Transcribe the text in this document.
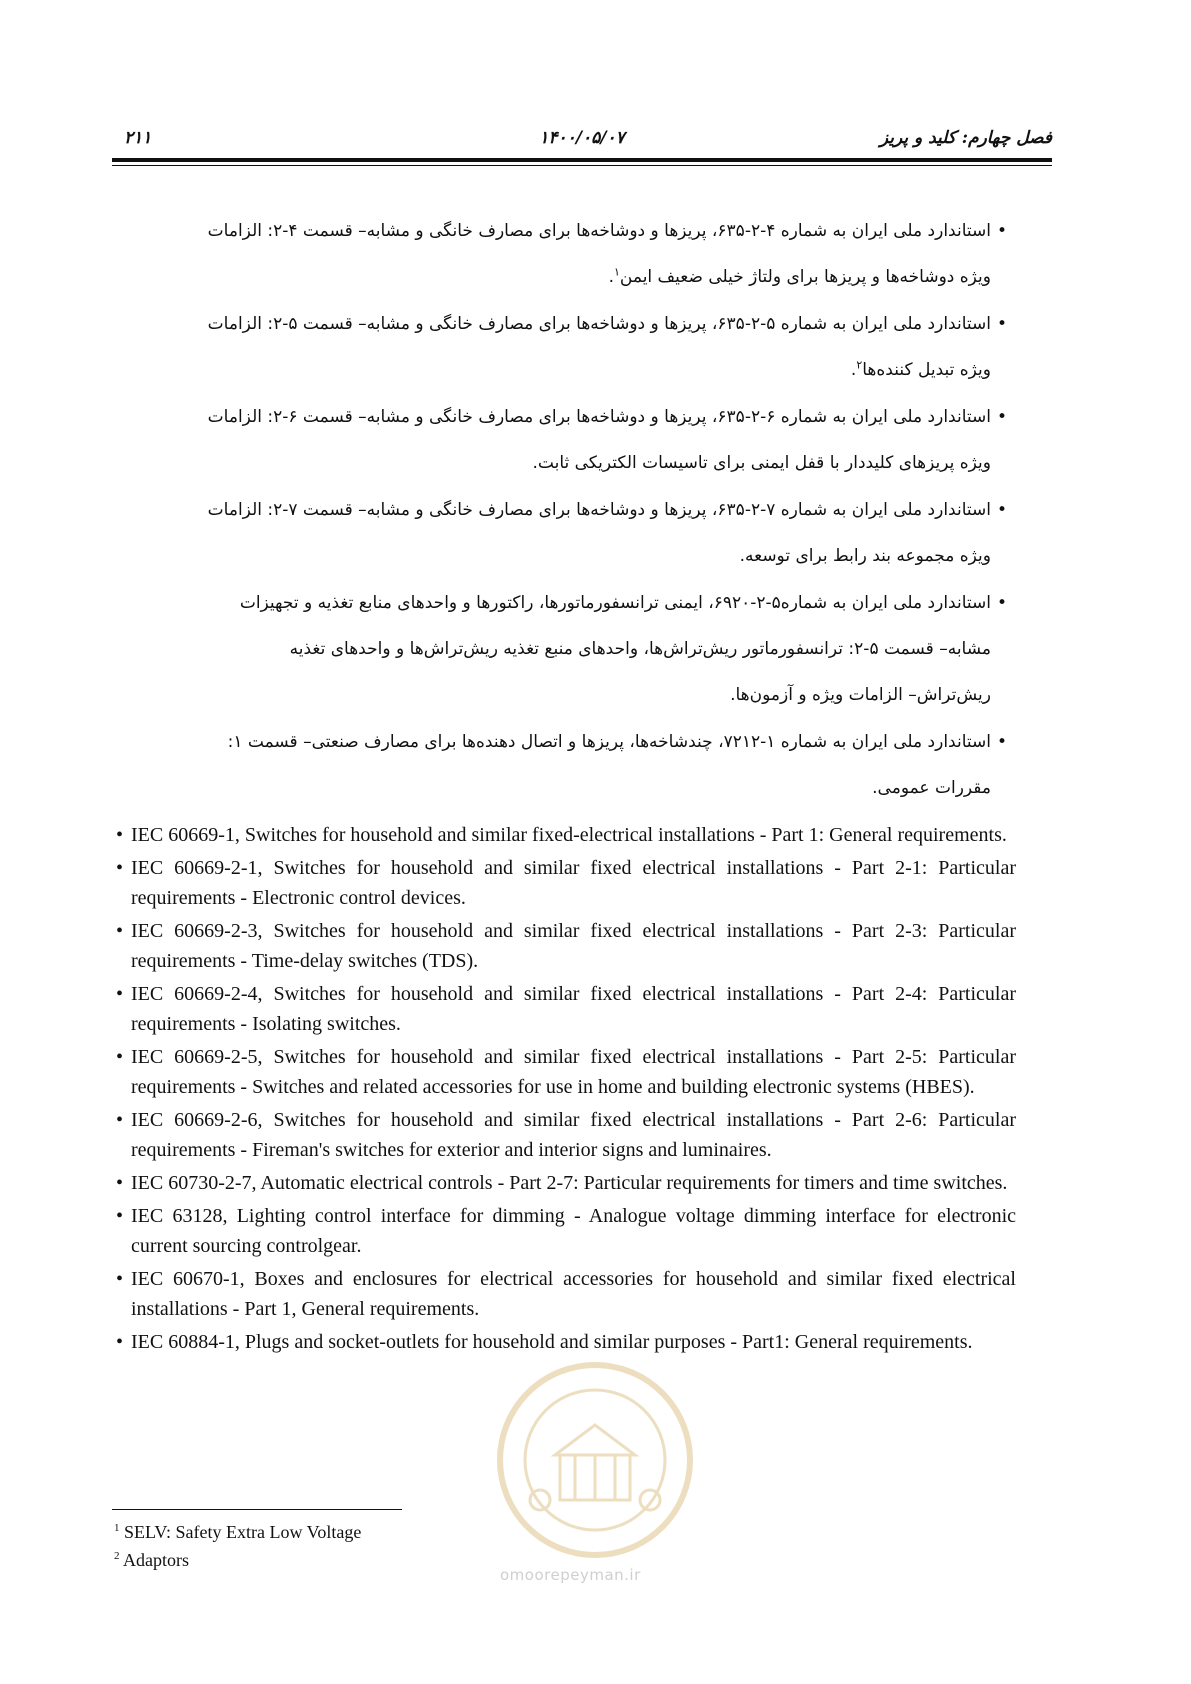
فصل چهارم: کلید و پریز
۱۴۰۰/۰۵/۰۷
۲۱۱
•استاندارد ملی ایران به شماره ۴-۲-۶۳۵، پریزها و دوشاخه‌ها برای مصارف خانگی و مشابه– قسمت ۴-۲: الزامات
ویژه دوشاخه‌ها و پریزها برای ولتاژ خیلی ضعیف ایمن$^۱$.
•استاندارد ملی ایران به شماره ۵-۲-۶۳۵، پریزها و دوشاخه‌ها برای مصارف خانگی و مشابه– قسمت ۵-۲: الزامات
ویژه تبدیل کننده‌ها$^۲$.
•استاندارد ملی ایران به شماره ۶-۲-۶۳۵، پریزها و دوشاخه‌ها برای مصارف خانگی و مشابه– قسمت ۶-۲: الزامات
ویژه پریزهای کلیددار با قفل ایمنی برای تاسیسات الکتریکی ثابت.
•استاندارد ملی ایران به شماره ۷-۲-۶۳۵، پریزها و دوشاخه‌ها برای مصارف خانگی و مشابه– قسمت ۷-۲: الزامات
ویژه مجموعه بند رابط برای توسعه.
•استاندارد ملی ایران به شماره۵-۲-۶۹۲۰، ایمنی ترانسفورماتورها، راکتورها و واحدهای منابع تغذیه و تجهیزات
مشابه– قسمت ۵-۲: ترانسفورماتور ریش‌تراش‌ها، واحدهای منبع تغذیه ریش‌تراش‌ها و واحدهای تغذیه
ریش‌تراش– الزامات ویژه و آزمون‌ها.
•استاندارد ملی ایران به شماره ۱-۷۲۱۲، چندشاخه‌ها، پریزها و اتصال دهنده‌ها برای مصارف صنعتی– قسمت ۱:
مقررات عمومی.
• IEC 60669-1, Switches for household and similar fixed-electrical installations - Part 1: General requirements.
• IEC 60669-2-1, Switches for household and similar fixed electrical installations - Part 2-1: Particular requirements - Electronic control devices.
• IEC 60669-2-3, Switches for household and similar fixed electrical installations - Part 2-3: Particular requirements - Time-delay switches (TDS).
• IEC 60669-2-4, Switches for household and similar fixed electrical installations - Part 2-4: Particular requirements - Isolating switches.
• IEC 60669-2-5, Switches for household and similar fixed electrical installations - Part 2-5: Particular requirements - Switches and related accessories for use in home and building electronic systems (HBES).
• IEC 60669-2-6, Switches for household and similar fixed electrical installations - Part 2-6: Particular requirements - Fireman's switches for exterior and interior signs and luminaires.
• IEC 60730-2-7, Automatic electrical controls - Part 2-7: Particular requirements for timers and time switches.
• IEC 63128, Lighting control interface for dimming - Analogue voltage dimming interface for electronic current sourcing controlgear.
• IEC 60670-1, Boxes and enclosures for electrical accessories for household and similar fixed electrical installations - Part 1, General requirements.
• IEC 60884-1, Plugs and socket-outlets for household and similar purposes - Part1: General requirements.
omoorepeyman.ir
$^1$ SELV: Safety Extra Low Voltage
$^2$ Adaptors
